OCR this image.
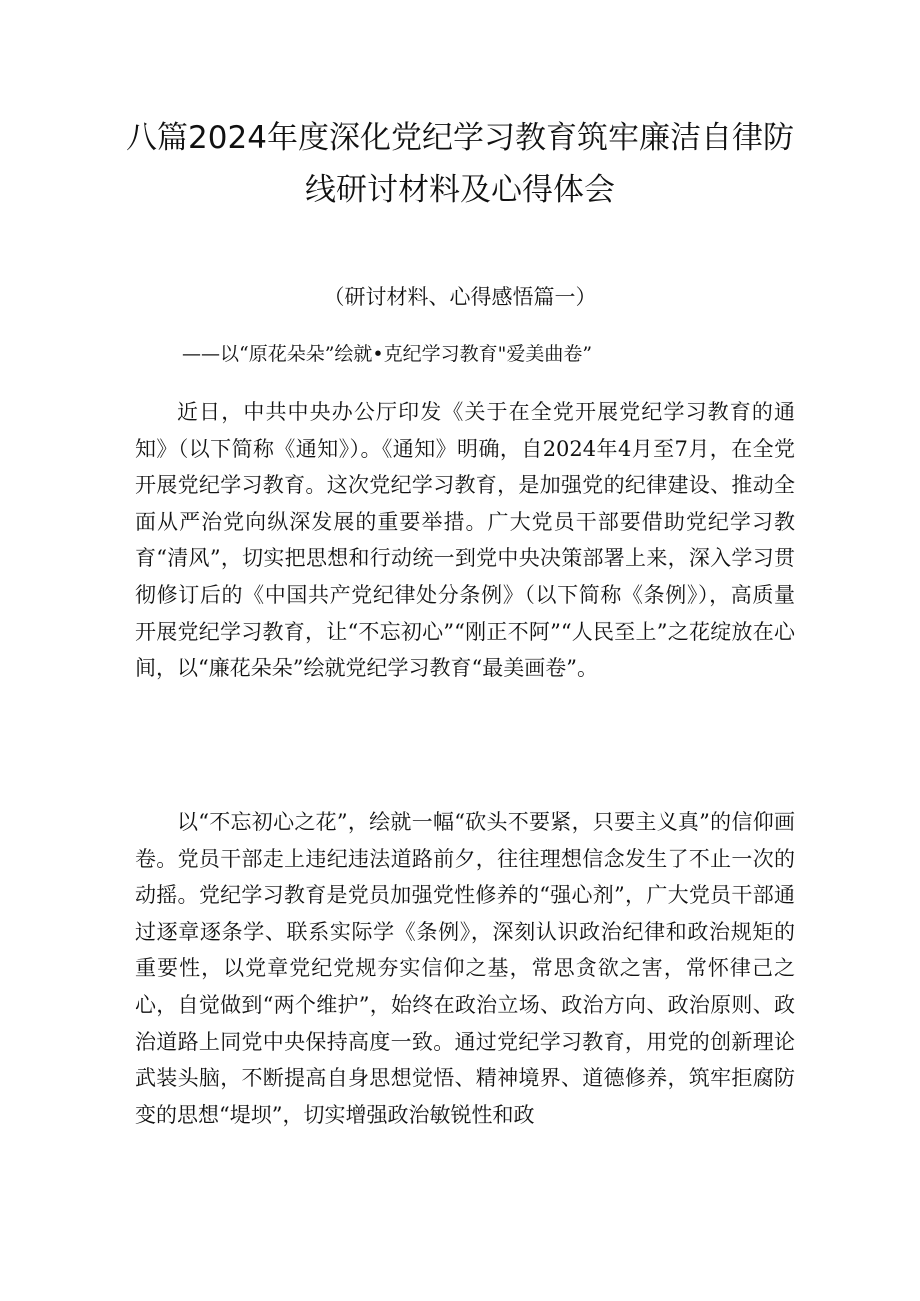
八篇2024年度深化党纪学习教育筑牢廉洁自律防线研讨材料及心得体会
（研讨材料、心得感悟篇一）
——以“原花朵朵”绘就•克纪学习教育"爱美曲卷”

近日，中共中央办公厅印发《关于在全党开展党纪学习教育的通知》（以下简称《通知》）。《通知》明确，自2024年4月至7月，在全党开展党纪学习教育。这次党纪学习教育，是加强党的纪律建设、推动全面从严治党向纵深发展的重要举措。广大党员干部要借助党纪学习教育“清风”，切实把思想和行动统一到党中央决策部署上来，深入学习贯彻修订后的《中国共产党纪律处分条例》（以下简称《条例》），高质量开展党纪学习教育，让“不忘初心”“刚正不阿”“人民至上”之花绽放在心间，以“廉花朵朵”绘就党纪学习教育“最美画卷”。

以“不忘初心之花”，绘就一幅“砍头不要紧，只要主义真”的信仰画卷。党员干部走上违纪违法道路前夕，往往理想信念发生了不止一次的动摇。党纪学习教育是党员加强党性修养的“强心剂”，广大党员干部通过逐章逐条学、联系实际学《条例》，深刻认识政治纪律和政治规矩的重要性，以党章党纪党规夯实信仰之基，常思贪欲之害，常怀律己之心，自觉做到“两个维护”，始终在政治立场、政治方向、政治原则、政治道路上同党中央保持高度一致。通过党纪学习教育，用党的创新理论武装头脑，不断提高自身思想觉悟、精神境界、道德修养，筑牢拒腐防变的思想“堤坝”，切实增强政治敏锐性和政
